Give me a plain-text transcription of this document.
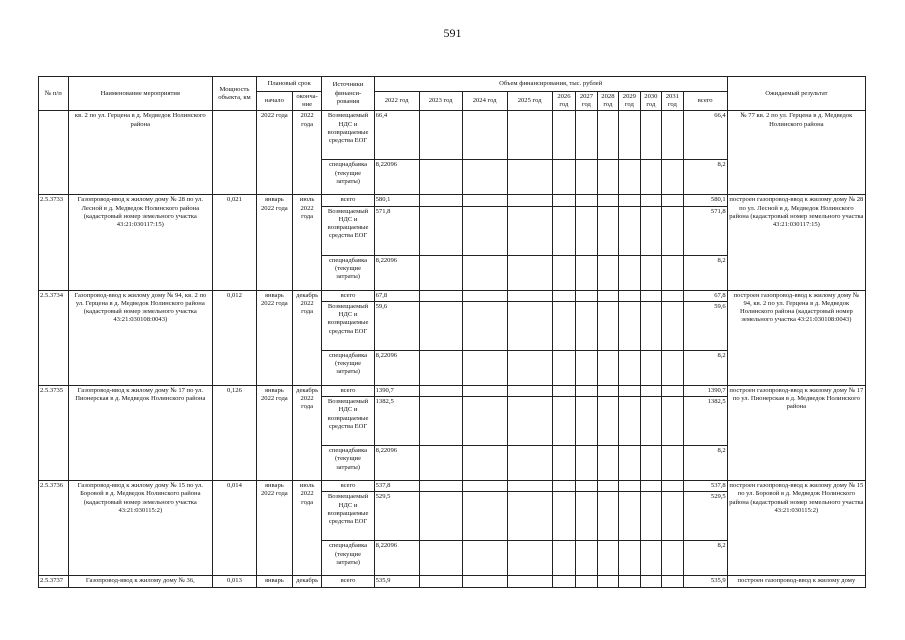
591
№ п/п	Наименование мероприятия	Мощность объекта, км	Плановый срок		Источники финанси- рования	Объем финансирования, тыс. рублей											Ожидаемый результат
			начало	оконча- ние		2022 год	2023 год	2024 год	2025 год	2026 год	2027 год	2028 год	2029 год	2030 год	2031 год	всего	

	кв. 2 по ул. Герцена в д. Медведок Нолинского района		2022 года	2022 года	Возмещаемый НДС и возвращаемые средства ЕОГ	66,4										66,4	№ 77 кв. 2 по ул. Герцена в д. Медведок Нолинского района
					спецнадбавка (текущие затраты)	8,22096										8,2	
2.5.3733	Газопровод-ввод к жилому дому № 28 по ул. Лесной в д. Медведок Нолинского района (кадастровый номер земельного участка 43:21:030117:15)	0,021	январь 2022 года	июль 2022 года	всего	580,1										580,1	построен газопровод-ввод к жилому дому № 28 по ул. Лесной в д. Медведок Нолинского района (кадастровый номер земельного участка 43:21:030117:15)
					Возмещаемый НДС и возвращаемые средства ЕОГ	571,8										571,8	
					спецнадбавка (текущие затраты)	8,22096										8,2	
2.5.3734	Газопровод-ввод к жилому дому № 94, кв. 2 по ул. Герцена в д. Медведок Нолинского района (кадастровый номер земельного участка 43:21:030108:0043)	0,012	январь 2022 года	декабрь 2022 года	всего	67,8										67,8	построен газопровод-ввод к жилому дому № 94, кв. 2 по ул. Герцена в д. Медведок Нолинского района (кадастровый номер земельного участка 43:21:030108:0043)
					Возмещаемый НДС и возвращаемые средства ЕОГ	59,6										59,6	
					спецнадбавка (текущие затраты)	8,22096										8,2	
2.5.3735	Газопровод-ввод к жилому дому № 17 по ул. Пионерская в д. Медведок Нолинского района	0,126	январь 2022 года	декабрь 2022 года	всего	1390,7										1390,7	построен газопровод-ввод к жилому дому № 17 по ул. Пионерская в д. Медведок Нолинского района
					Возмещаемый НДС и возвращаемые средства ЕОГ	1382,5										1382,5	
					спецнадбавка (текущие затраты)	8,22096										8,2	
2.5.3736	Газопровод-ввод к жилому дому № 15 по ул. Боровой в д. Медведок Нолинского района (кадастровый номер земельного участка 43:21:030115:2)	0,014	январь 2022 года	июль 2022 года	всего	537,8										537,8	построен газопровод-ввод к жилому дому № 15 по ул. Боровой в д. Медведок Нолинского района (кадастровый номер земельного участка 43:21:030115:2)
					Возмещаемый НДС и возвращаемые средства ЕОГ	529,5										529,5	
					спецнадбавка (текущие затраты)	8,22096										8,2	
2.5.3737	Газопровод-ввод к жилому дому № 36,	0,013	январь	декабрь	всего	535,9										535,9	построен газопровод-ввод к жилому дому
